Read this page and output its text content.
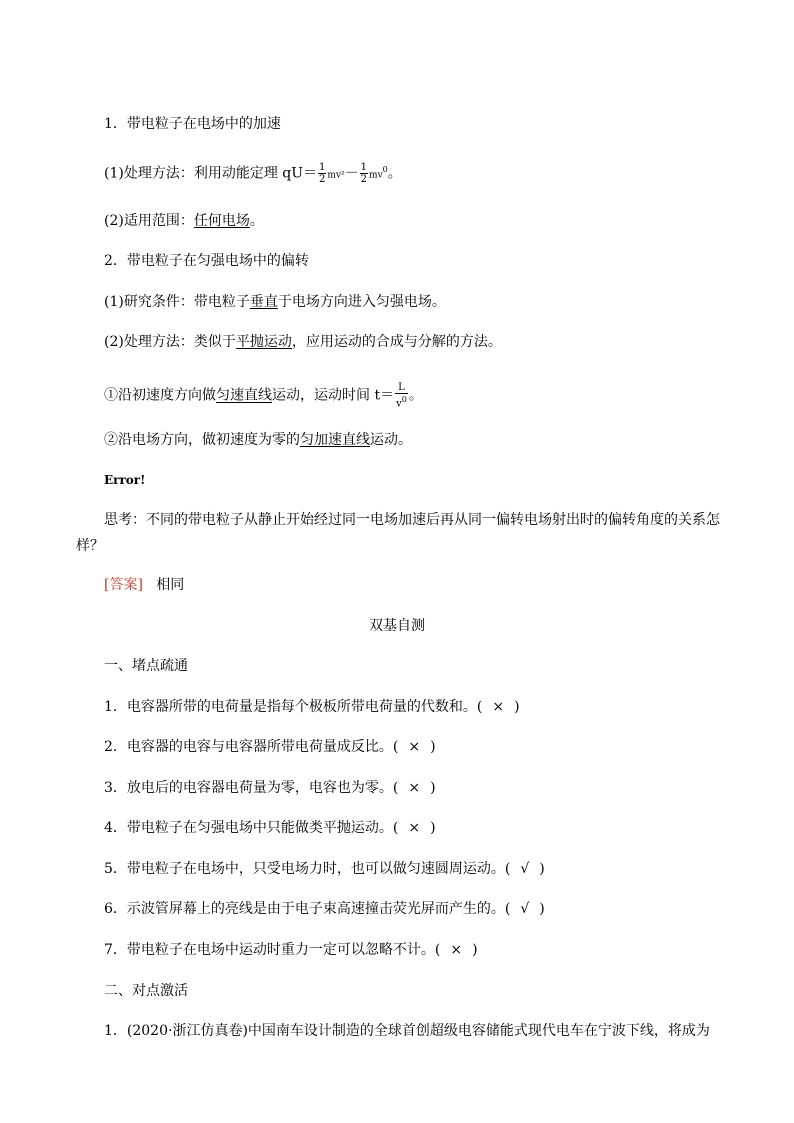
1．带电粒子在电场中的加速
(1)处理方法：利用动能定理 $qU= \frac{1}{2} mv^2- \frac{1}{2} mv^0$。
(2)适用范围：任何电场。
2．带电粒子在匀强电场中的偏转
(1)研究条件：带电粒子垂直于电场方向进入匀强电场。
(2)处理方法：类似于平抛运动，应用运动的合成与分解的方法。
①沿初速度方向做匀速直线运动，运动时间 $t= \frac{L}{v^0}$ 。
②沿电场方向，做初速度为零的匀加速直线运动。
Error!
思考：不同的带电粒子从静止开始经过同一电场加速后再从同一偏转电场射出时的偏转角度的关系怎
样？
[答案] 相同
双基自测
一、堵点疏通
1．电容器所带的电荷量是指每个极板所带电荷量的代数和。( × )
2．电容器的电容与电容器所带电荷量成反比。( × )
3．放电后的电容器电荷量为零，电容也为零。( × )
4．带电粒子在匀强电场中只能做类平抛运动。( × )
5．带电粒子在电场中，只受电场力时，也可以做匀速圆周运动。( √ )
6．示波管屏幕上的亮线是由于电子束高速撞击荧光屏而产生的。( √ )
7．带电粒子在电场中运动时重力一定可以忽略不计。( × )
二、对点激活
1．(2020·浙江仿真卷)中国南车设计制造的全球首创超级电容储能式现代电车在宁波下线，将成为
